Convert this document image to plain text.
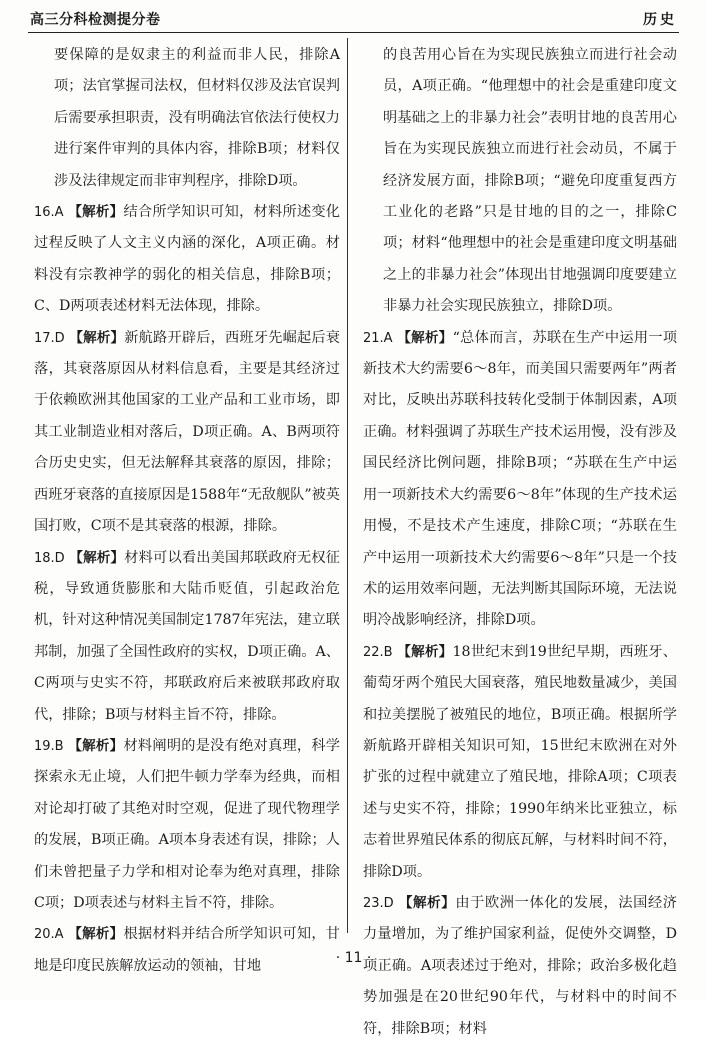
高三分科检测提分卷	历史

要保障的是奴隶主的利益而非人民，排除A项；法官掌握司法权，但材料仅涉及法官误判后需要承担职责，没有明确法官依法行使权力进行案件审判的具体内容，排除B项；材料仅涉及法律规定而非审判程序，排除D项。

16.A 【解析】结合所学知识可知，材料所述变化过程反映了人文主义内涵的深化，A项正确。材料没有宗教神学的弱化的相关信息，排除B项；C、D两项表述材料无法体现，排除。

17.D 【解析】新航路开辟后，西班牙先崛起后衰落，其衰落原因从材料信息看，主要是其经济过于依赖欧洲其他国家的工业产品和工业市场，即其工业制造业相对落后，D项正确。A、B两项符合历史史实，但无法解释其衰落的原因，排除；西班牙衰落的直接原因是1588年“无敌舰队”被英国打败，C项不是其衰落的根源，排除。

18.D 【解析】材料可以看出美国邦联政府无权征税，导致通货膨胀和大陆币贬值，引起政治危机，针对这种情况美国制定1787年宪法，建立联邦制，加强了全国性政府的实权，D项正确。A、C两项与史实不符，邦联政府后来被联邦政府取代，排除；B项与材料主旨不符，排除。

19.B 【解析】材料阐明的是没有绝对真理，科学探索永无止境，人们把牛顿力学奉为经典，而相对论却打破了其绝对时空观，促进了现代物理学的发展，B项正确。A项本身表述有误，排除；人们未曾把量子力学和相对论奉为绝对真理，排除C项；D项表述与材料主旨不符，排除。

20.A 【解析】根据材料并结合所学知识可知，甘地是印度民族解放运动的领袖，甘地

的良苦用心旨在为实现民族独立而进行社会动员，A项正确。“他理想中的社会是重建印度文明基础之上的非暴力社会”表明甘地的良苦用心旨在为实现民族独立而进行社会动员，不属于经济发展方面，排除B项；“避免印度重复西方工业化的老路”只是甘地的目的之一，排除C项；材料“他理想中的社会是重建印度文明基础之上的非暴力社会”体现出甘地强调印度要建立非暴力社会实现民族独立，排除D项。

21.A 【解析】“总体而言，苏联在生产中运用一项新技术大约需要6～8年，而美国只需要两年”两者对比，反映出苏联科技转化受制于体制因素，A项正确。材料强调了苏联生产技术运用慢，没有涉及国民经济比例问题，排除B项；“苏联在生产中运用一项新技术大约需要6～8年”体现的生产技术运用慢，不是技术产生速度，排除C项；“苏联在生产中运用一项新技术大约需要6～8年”只是一个技术的运用效率问题，无法判断其国际环境，无法说明冷战影响经济，排除D项。

22.B 【解析】18世纪末到19世纪早期，西班牙、葡萄牙两个殖民大国衰落，殖民地数量减少，美国和拉美摆脱了被殖民的地位，B项正确。根据所学新航路开辟相关知识可知，15世纪末欧洲在对外扩张的过程中就建立了殖民地，排除A项；C项表述与史实不符，排除；1990年纳米比亚独立，标志着世界殖民体系的彻底瓦解，与材料时间不符，排除D项。

23.D 【解析】由于欧洲一体化的发展，法国经济力量增加，为了维护国家利益，促使外交调整，D项正确。A项表述过于绝对，排除；政治多极化趋势加强是在20世纪90年代，与材料中的时间不符，排除B项；材料

· 11 ·
